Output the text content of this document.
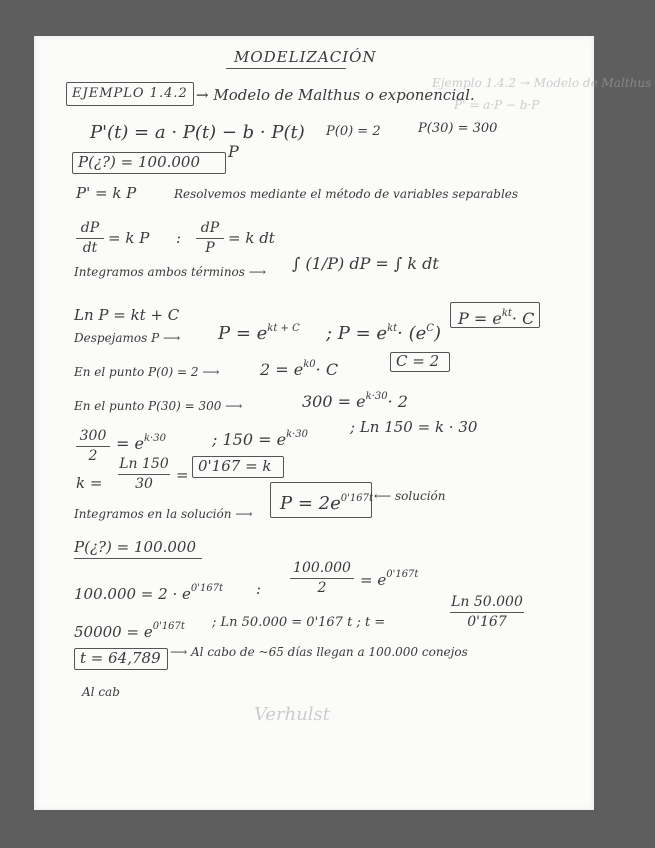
Ejemplo 1.4.2 → Modelo de Malthus
P' = a·P − b·P
Verhulst
MODELIZACIÓN
EJEMPLO 1.4.2 → Modelo de Malthus o exponencial.
P'(t) = a · P(t) − b · P(t) P(0) = 2	P(30) = 300
P(¿?) = 100.000
P
P' = k P	Resolvemos mediante el método de variables separables
dP
dt
= k P :
dP
P
= k dt
Integramos ambos términos ⟶ ∫ (1/P) dP = ∫ k dt
Ln P = kt + C
Despejamos P ⟶ $P = e^{kt + C}$ ; $P = e^{kt}\cdot (e^C)$
$P = e^{kt}\cdot C$
En el punto P(0) = 2 ⟶	$2 = e^{k0}\cdot C$	C = 2
En el punto P(30) = 300 ⟶	$300 = e^{k\cdot 30}\cdot 2$
300
2
= $e^{k\cdot 30}$	; $150 = e^{k\cdot 30}$	; Ln 150 = k · 30
k =
Ln 150
30	= 0'167 = k
Integramos en la solución ⟶ $P = 2e^{0'167t}$ ⟵ solución
P(¿?) = 100.000
$100.000 = 2 \cdot e^{0'167t}$ :
100.000
2	= $e^{0'167t}$
$50000 = e^{0'167t}$ ; Ln 50.000 = 0'167 t ; t =
Ln 50.000
0'167
t = 64,789 ⟶ Al cabo de ~65 días llegan a 100.000 conejos
Al cab
